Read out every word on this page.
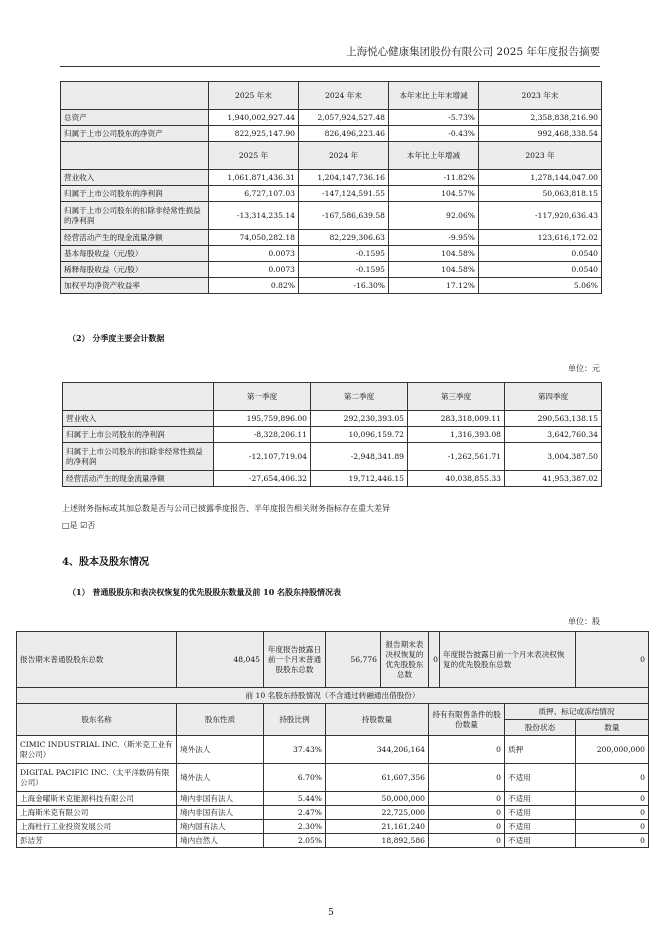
上海悦心健康集团股份有限公司 2025 年年度报告摘要
	2025 年末	2024 年末	本年末比上年末增减	2023 年末
总资产	1,940,002,927.44	2,057,924,527.48	-5.73%	2,358,838,216.90
归属于上市公司股东的净资产	822,925,147.90	826,496,223.46	-0.43%	992,468,338.54
	2025 年	2024 年	本年比上年增减	2023 年
营业收入	1,061,871,436.31	1,204,147,736.16	-11.82%	1,278,144,047.00
归属于上市公司股东的净利润	6,727,107.03	-147,124,591.55	104.57%	50,063,818.15
归属于上市公司股东的扣除非经常性损益的净利润	-13,314,235.14	-167,586,639.58	92.06%	-117,920,636.43
经营活动产生的现金流量净额	74,050,282.18	82,229,306.63	-9.95%	123,616,172.02
基本每股收益（元/股）	0.0073	-0.1595	104.58%	0.0540
稀释每股收益（元/股）	0.0073	-0.1595	104.58%	0.0540
加权平均净资产收益率	0.82%	-16.30%	17.12%	5.06%
（2） 分季度主要会计数据
单位：元
	第一季度	第二季度	第三季度	第四季度
营业收入	195,759,896.00	292,230,393.05	283,318,009.11	290,563,138.15
归属于上市公司股东的净利润	-8,328,206.11	10,096,159.72	1,316,393.08	3,642,760.34
归属于上市公司股东的扣除非经常性损益的净利润	-12,107,719.04	-2,948,341.89	-1,262,561.71	3,004,387.50
经营活动产生的现金流量净额	-27,654,406.32	19,712,446.15	40,038,855.33	41,953,387.02
上述财务指标或其加总数是否与公司已披露季度报告、半年度报告相关财务指标存在重大差异
□是 ☑否
4、股本及股东情况
（1） 普通股股东和表决权恢复的优先股股东数量及前 10 名股东持股情况表
单位：股
报告期末普通股股东总数	48,045	年度报告披露日前一个月末普通股股东总数	56,776	报告期末表决权恢复的优先股股东总数	0	年度报告披露日前一个月末表决权恢复的优先股股东总数		0
前 10 名股东持股情况（不含通过转融通出借股份）								
股东名称	股东性质	持股比例	持股数量		持有有限售条件的股份数量		质押、标记或冻结情况	
							股份状态	数量
CIMIC INDUSTRIAL INC.（斯米克工业有限公司）	境外法人	37.43%	344,206,164		0		质押	200,000,000
DIGITAL PACIFIC INC.（太平洋数码有限公司）	境外法人	6.70%	61,607,356		0		不适用	0
上海金曜斯米克能源科技有限公司	境内非国有法人	5.44%	50,000,000		0		不适用	0
上海斯米克有限公司	境内非国有法人	2.47%	22,725,000		0		不适用	0
上海杜行工业投资发展公司	境内国有法人	2.30%	21,161,240		0		不适用	0
彭洁芳	境内自然人	2.05%	18,892,586		0		不适用	0
5
